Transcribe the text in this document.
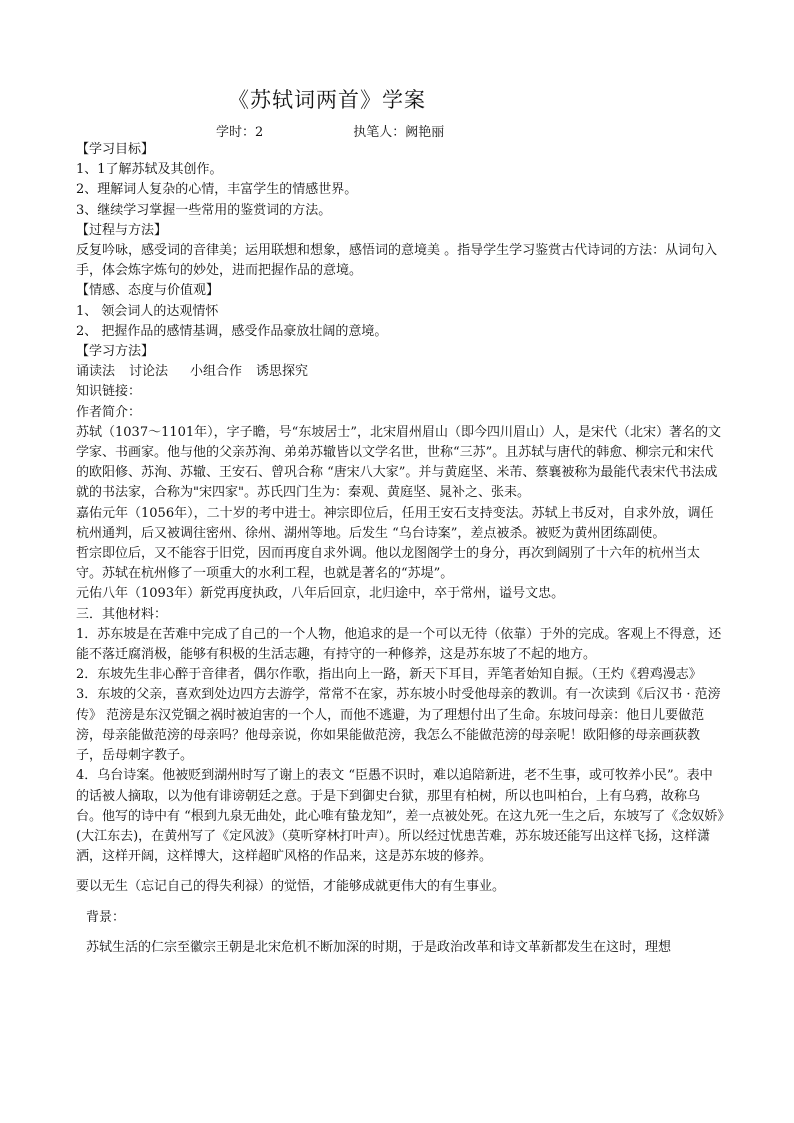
《苏轼词两首》学案
学时：2	执笔人：阙艳丽

【学习目标】

1、1了解苏轼及其创作。

2、理解词人复杂的心情，丰富学生的情感世界。

3、继续学习掌握一些常用的鉴赏词的方法。

【过程与方法】

反复吟咏，感受词的音律美；运用联想和想象，感悟词的意境美 。指导学生学习鉴赏古代诗词的方法：从词句入手，体会炼字炼句的妙处，进而把握作品的意境。

【情感、态度与价值观】

1、 领会词人的达观情怀

2、 把握作品的感情基调，感受作品豪放壮阔的意境。

【学习方法】

诵读法 讨论法 小组合作 诱思探究

知识链接：

作者简介：

苏轼（1037～1101年），字子瞻，号“东坡居士”，北宋眉州眉山（即今四川眉山）人，是宋代（北宋）著名的文学家、书画家。他与他的父亲苏洵、弟弟苏辙皆以文学名世，世称“三苏”。且苏轼与唐代的韩愈、柳宗元和宋代的欧阳修、苏洵、苏辙、王安石、曾巩合称 “唐宋八大家”。并与黄庭坚、米芾、蔡襄被称为最能代表宋代书法成就的书法家，合称为"宋四家"。苏氏四门生为：秦观、黄庭坚、晁补之、张耒。

嘉佑元年（1056年），二十岁的考中进士。神宗即位后，任用王安石支持变法。苏轼上书反对，自求外放，调任杭州通判，后又被调往密州、徐州、湖州等地。后发生 “乌台诗案”，差点被杀。被贬为黄州团练副使。

哲宗即位后，又不能容于旧党，因而再度自求外调。他以龙图阁学士的身分，再次到阔别了十六年的杭州当太守。苏轼在杭州修了一项重大的水利工程，也就是著名的“苏堤”。

元佑八年（1093年）新党再度执政，八年后回京，北归途中，卒于常州，谥号文忠。

三．其他材料：

1．苏东坡是在苦难中完成了自己的一个人物，他追求的是一个可以无待（依靠）于外的完成。客观上不得意，还能不落迁腐消极，能够有积极的生活志趣，有持守的一种修养，这是苏东坡了不起的地方。

2．东坡先生非心醉于音律者，偶尔作歌，指出向上一路，新天下耳目，弄笔者始知自振。（王灼《碧鸡漫志》

3．东坡的父亲，喜欢到处边四方去游学，常常不在家，苏东坡小时受他母亲的教训。有一次读到《后汉书 · 范滂传》 范滂是东汉党锢之祸时被迫害的一个人，而他不逃避，为了理想付出了生命。东坡问母亲：他日儿要做范滂，母亲能做范滂的母亲吗？他母亲说，你如果能做范滂，我怎么不能做范滂的母亲呢！欧阳修的母亲画荻教子，岳母刺字教子。

4．乌台诗案。他被贬到湖州时写了谢上的表文 “臣愚不识时，难以追陪新进，老不生事，或可牧养小民”。表中的话被人摘取，以为他有诽谤朝廷之意。于是下到御史台狱，那里有柏树，所以也叫柏台，上有乌鸦，故称乌台。他写的诗中有 “根到九泉无曲处，此心唯有蛰龙知”，差一点被处死。在这九死一生之后，东坡写了《念奴娇》(大江东去)，在黄州写了《定风波》（莫听穿林打叶声）。所以经过忧患苦难，苏东坡还能写出这样飞扬，这样潇洒，这样开阔，这样博大，这样超旷风格的作品来，这是苏东坡的修养。

要以无生（忘记自己的得失利禄）的觉悟，才能够成就更伟大的有生事业。

背景：

苏轼生活的仁宗至徽宗王朝是北宋危机不断加深的时期，于是政治改革和诗文革新都发生在这时，理想
